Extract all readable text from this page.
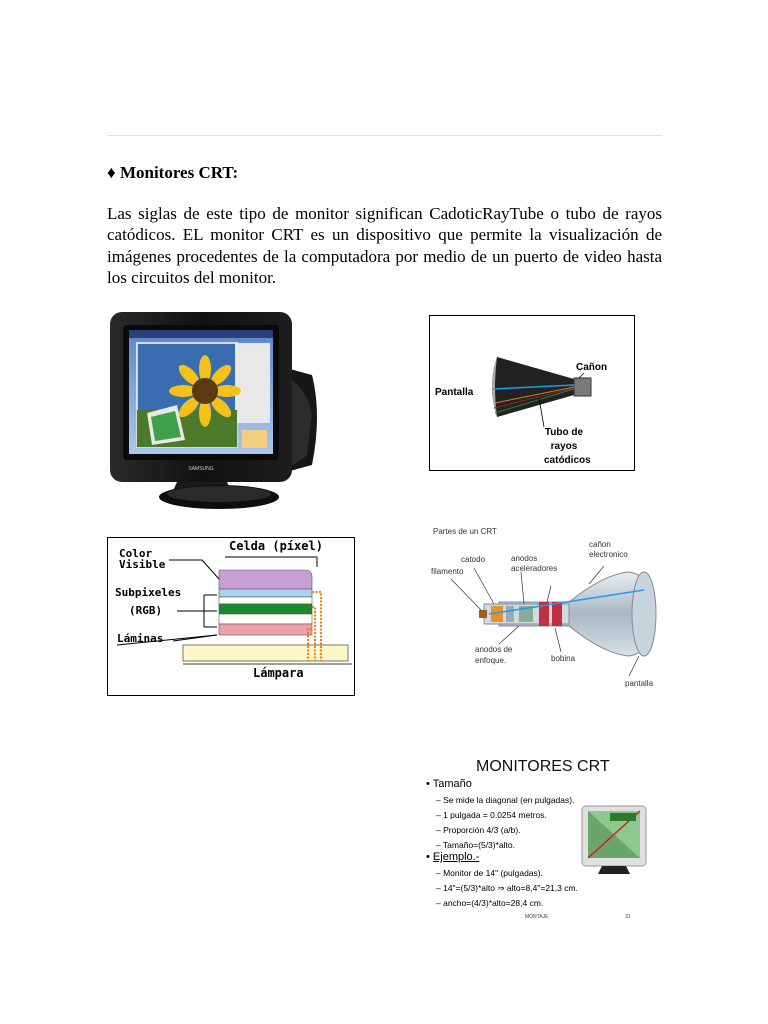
♦ Monitores CRT:
Las siglas de este tipo de monitor significan CadoticRayTube o tubo de rayos catódicos. EL monitor CRT es un dispositivo que permite la visualización de imágenes procedentes de la computadora por medio de un puerto de video hasta los circuitos del monitor.
SAMSUNG
Pantalla
Cañon
Tubo de
rayos
catódicos
Color
Visible
Celda (píxel)
Subpixeles
(RGB)
Láminas
Lámpara
Partes de un CRT
filamento
catodo	anodos
aceleradores
cañon
electronico
anodos de
enfoque.	bobina
pantalla
MONITORES CRT
• Tamaño
– Se mide la diagonal (en pulgadas).
– 1 pulgada = 0.0254 metros.
– Proporción 4/3 (a/b).
– Tamaño=(5/3)*alto.
• Ejemplo.-
– Monitor de 14" (pulgadas).
– 14"=(5/3)*alto ⇒ alto=8,4"=21,3 cm.
– ancho=(4/3)*alto=28,4 cm.
MONTAJE	31
